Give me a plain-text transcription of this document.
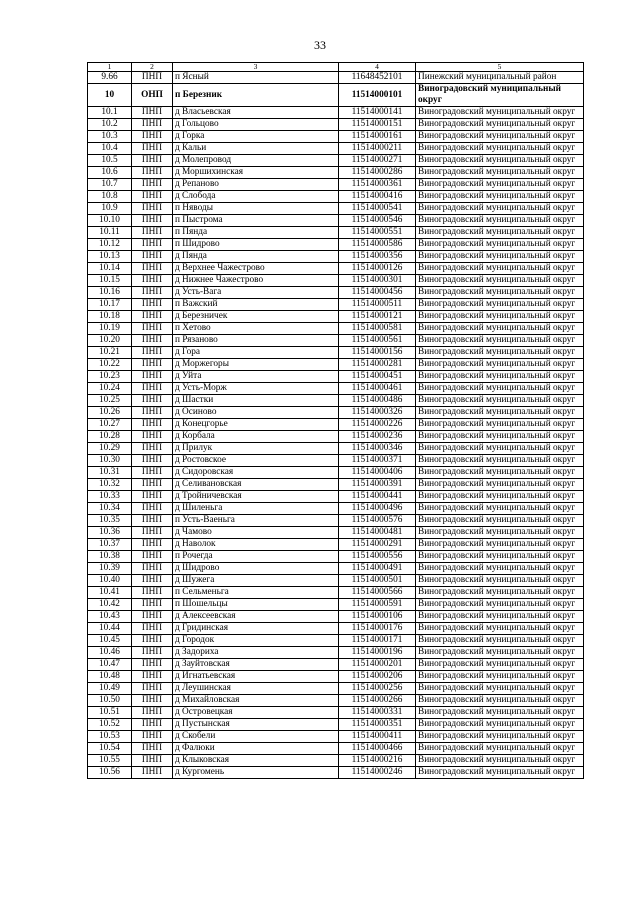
33
1	2	3	4	5
9.66	ПНП	п Ясный	11648452101	Пинежский муниципальный район
10	ОНП	п Березник	11514000101	Виноградовский муниципальный округ
10.1	ПНП	д Власьевская	11514000141	Виноградовский муниципальный округ
10.2	ПНП	д Гольцово	11514000151	Виноградовский муниципальный округ
10.3	ПНП	д Горка	11514000161	Виноградовский муниципальный округ
10.4	ПНП	д Кальи	11514000211	Виноградовский муниципальный округ
10.5	ПНП	д Молепровод	11514000271	Виноградовский муниципальный округ
10.6	ПНП	д Моршихинская	11514000286	Виноградовский муниципальный округ
10.7	ПНП	д Репаново	11514000361	Виноградовский муниципальный округ
10.8	ПНП	д Слобода	11514000416	Виноградовский муниципальный округ
10.9	ПНП	п Няводы	11514000541	Виноградовский муниципальный округ
10.10	ПНП	п Пыстрома	11514000546	Виноградовский муниципальный округ
10.11	ПНП	п Пянда	11514000551	Виноградовский муниципальный округ
10.12	ПНП	п Шидрово	11514000586	Виноградовский муниципальный округ
10.13	ПНП	д Пянда	11514000356	Виноградовский муниципальный округ
10.14	ПНП	д Верхнее Чажестрово	11514000126	Виноградовский муниципальный округ
10.15	ПНП	д Нижнее Чажестрово	11514000301	Виноградовский муниципальный округ
10.16	ПНП	д Усть-Вага	11514000456	Виноградовский муниципальный округ
10.17	ПНП	п Важский	11514000511	Виноградовский муниципальный округ
10.18	ПНП	д Березничек	11514000121	Виноградовский муниципальный округ
10.19	ПНП	п Хетово	11514000581	Виноградовский муниципальный округ
10.20	ПНП	п Рязаново	11514000561	Виноградовский муниципальный округ
10.21	ПНП	д Гора	11514000156	Виноградовский муниципальный округ
10.22	ПНП	д Моржегоры	11514000281	Виноградовский муниципальный округ
10.23	ПНП	д Уйта	11514000451	Виноградовский муниципальный округ
10.24	ПНП	д Усть-Морж	11514000461	Виноградовский муниципальный округ
10.25	ПНП	д Шастки	11514000486	Виноградовский муниципальный округ
10.26	ПНП	д Осиново	11514000326	Виноградовский муниципальный округ
10.27	ПНП	д Конецгорье	11514000226	Виноградовский муниципальный округ
10.28	ПНП	д Корбала	11514000236	Виноградовский муниципальный округ
10.29	ПНП	д Прилук	11514000346	Виноградовский муниципальный округ
10.30	ПНП	д Ростовское	11514000371	Виноградовский муниципальный округ
10.31	ПНП	д Сидоровская	11514000406	Виноградовский муниципальный округ
10.32	ПНП	д Селивановская	11514000391	Виноградовский муниципальный округ
10.33	ПНП	д Тройничевская	11514000441	Виноградовский муниципальный округ
10.34	ПНП	д Шиленьга	11514000496	Виноградовский муниципальный округ
10.35	ПНП	п Усть-Ваеньга	11514000576	Виноградовский муниципальный округ
10.36	ПНП	д Чамово	11514000481	Виноградовский муниципальный округ
10.37	ПНП	д Наволок	11514000291	Виноградовский муниципальный округ
10.38	ПНП	п Рочегда	11514000556	Виноградовский муниципальный округ
10.39	ПНП	д Шидрово	11514000491	Виноградовский муниципальный округ
10.40	ПНП	д Шужега	11514000501	Виноградовский муниципальный округ
10.41	ПНП	п Сельменьга	11514000566	Виноградовский муниципальный округ
10.42	ПНП	п Шошельцы	11514000591	Виноградовский муниципальный округ
10.43	ПНП	д Алексеевская	11514000106	Виноградовский муниципальный округ
10.44	ПНП	д Гридинская	11514000176	Виноградовский муниципальный округ
10.45	ПНП	д Городок	11514000171	Виноградовский муниципальный округ
10.46	ПНП	д Задориха	11514000196	Виноградовский муниципальный округ
10.47	ПНП	д Зауйтовская	11514000201	Виноградовский муниципальный округ
10.48	ПНП	д Игнатьевская	11514000206	Виноградовский муниципальный округ
10.49	ПНП	д Леушинская	11514000256	Виноградовский муниципальный округ
10.50	ПНП	д Михайловская	11514000266	Виноградовский муниципальный округ
10.51	ПНП	д Островецкая	11514000331	Виноградовский муниципальный округ
10.52	ПНП	д Пустынская	11514000351	Виноградовский муниципальный округ
10.53	ПНП	д Скобели	11514000411	Виноградовский муниципальный округ
10.54	ПНП	д Фалюки	11514000466	Виноградовский муниципальный округ
10.55	ПНП	д Клыковская	11514000216	Виноградовский муниципальный округ
10.56	ПНП	д Кургомень	11514000246	Виноградовский муниципальный округ
